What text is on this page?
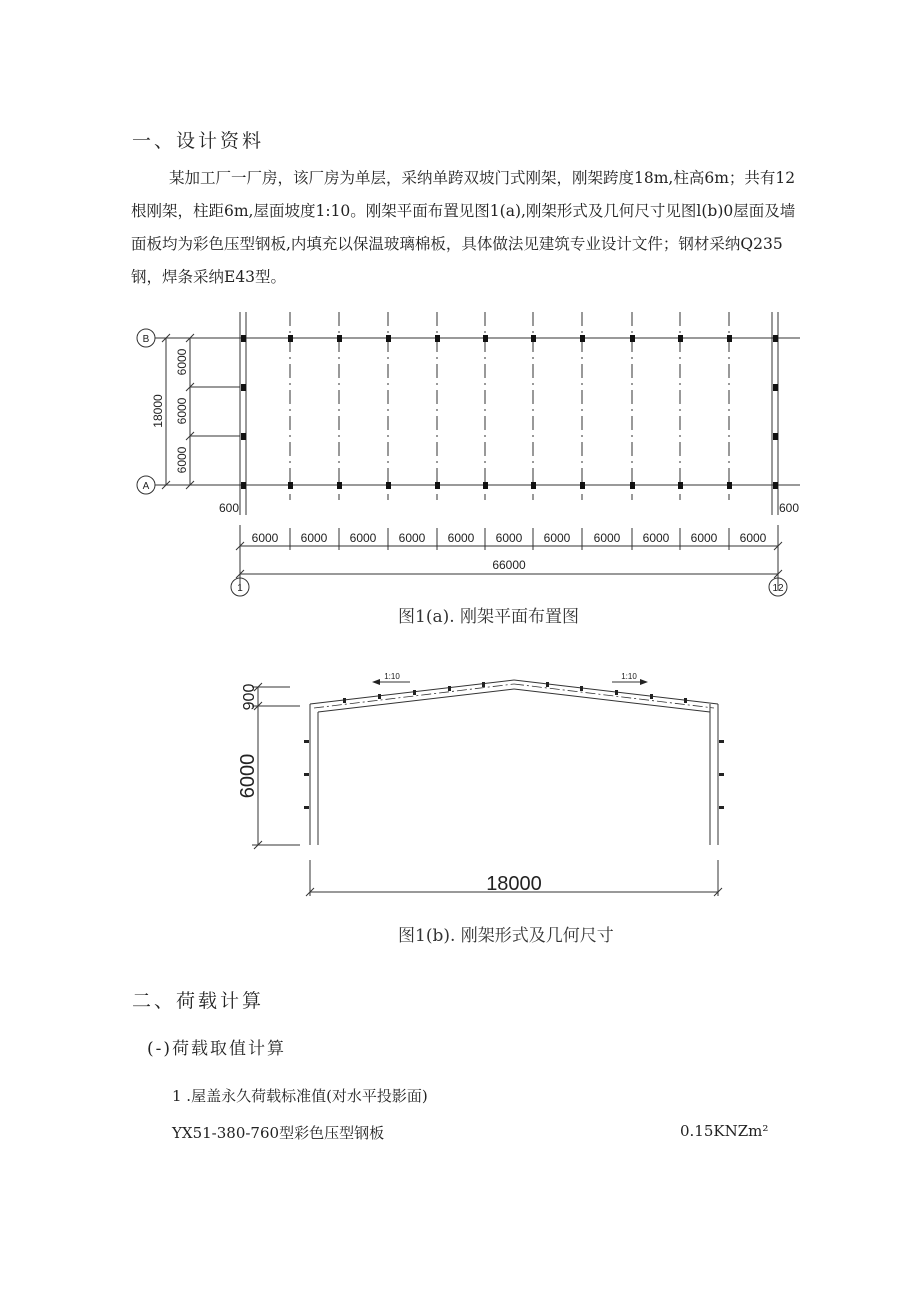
一、设计资料

某加工厂一厂房，该厂房为单层，采纳单跨双坡门式刚架，刚架跨度18m,柱高6m；共有12

根刚架，柱距6m,屋面坡度1:10。刚架平面布置见图1(a),刚架形式及几何尺寸见图l(b)0屋面及墙

面板均为彩色压型钢板,内填充以保温玻璃棉板，具体做法见建筑专业设计文件；钢材采纳Q235

钢，焊条采纳E43型。

B
A
1	12
6000
6000
6000
18000
600	600
6000 6000 6000 6000 6000 6000 6000 6000 6000 6000 6000
66000
图1(a). 刚架平面布置图
1:10	1:10
900
6000
18000
图1(b). 刚架形式及几何尺寸
二、荷载计算
(-)荷载取值计算
1 .屋盖永久荷载标准值(对水平投影面)
YX51-380-760型彩色压型钢板	0.15KNZm²
